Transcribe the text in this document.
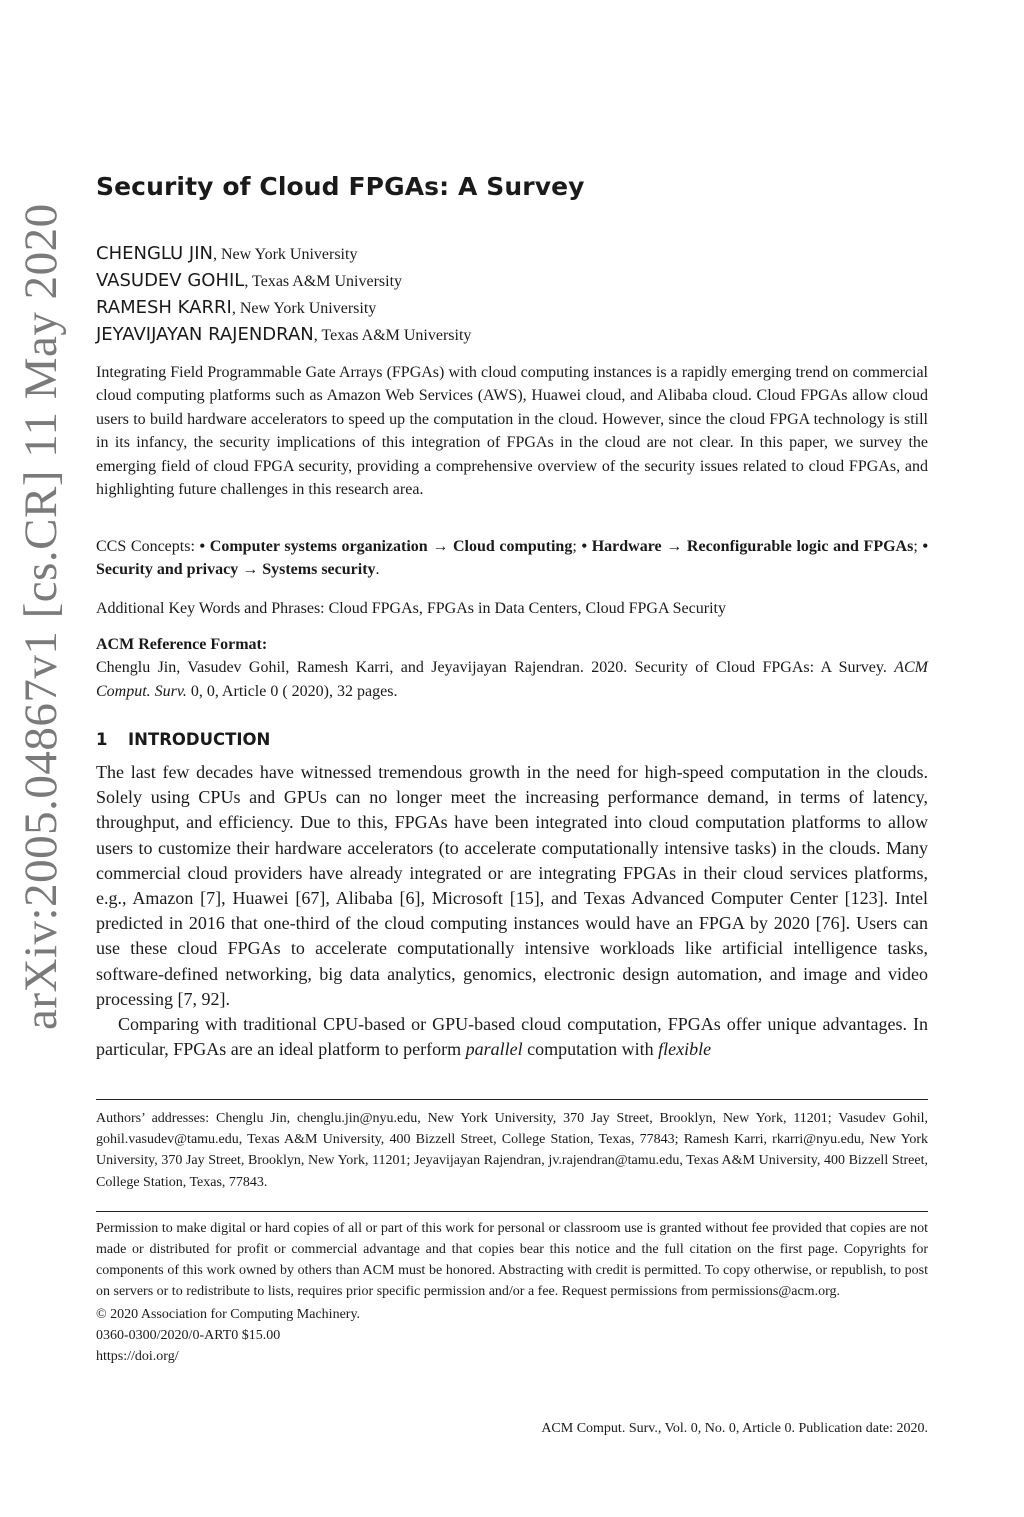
arXiv:2005.04867v1 [cs.CR] 11 May 2020
Security of Cloud FPGAs: A Survey
CHENGLU JIN, New York University
VASUDEV GOHIL, Texas A&M University
RAMESH KARRI, New York University
JEYAVIJAYAN RAJENDRAN, Texas A&M University
Integrating Field Programmable Gate Arrays (FPGAs) with cloud computing instances is a rapidly emerging trend on commercial cloud computing platforms such as Amazon Web Services (AWS), Huawei cloud, and Alibaba cloud. Cloud FPGAs allow cloud users to build hardware accelerators to speed up the computation in the cloud. However, since the cloud FPGA technology is still in its infancy, the security implications of this integration of FPGAs in the cloud are not clear. In this paper, we survey the emerging field of cloud FPGA security, providing a comprehensive overview of the security issues related to cloud FPGAs, and highlighting future challenges in this research area.
CCS Concepts: • Computer systems organization → Cloud computing; • Hardware → Reconfigurable logic and FPGAs; • Security and privacy → Systems security.
Additional Key Words and Phrases: Cloud FPGAs, FPGAs in Data Centers, Cloud FPGA Security
ACM Reference Format:
Chenglu Jin, Vasudev Gohil, Ramesh Karri, and Jeyavijayan Rajendran. 2020. Security of Cloud FPGAs: A Survey. ACM Comput. Surv. 0, 0, Article 0 ( 2020), 32 pages.
1 INTRODUCTION

The last few decades have witnessed tremendous growth in the need for high-speed computation in the clouds. Solely using CPUs and GPUs can no longer meet the increasing performance demand, in terms of latency, throughput, and efficiency. Due to this, FPGAs have been integrated into cloud computation platforms to allow users to customize their hardware accelerators (to accelerate computationally intensive tasks) in the clouds. Many commercial cloud providers have already integrated or are integrating FPGAs in their cloud services platforms, e.g., Amazon [7], Huawei [67], Alibaba [6], Microsoft [15], and Texas Advanced Computer Center [123]. Intel predicted in 2016 that one-third of the cloud computing instances would have an FPGA by 2020 [76]. Users can use these cloud FPGAs to accelerate computationally intensive workloads like artificial intelligence tasks, software-defined networking, big data analytics, genomics, electronic design automation, and image and video processing [7, 92].

Comparing with traditional CPU-based or GPU-based cloud computation, FPGAs offer unique advantages. In particular, FPGAs are an ideal platform to perform parallel computation with flexible

Authors’ addresses: Chenglu Jin, chenglu.jin@nyu.edu, New York University, 370 Jay Street, Brooklyn, New York, 11201; Vasudev Gohil, gohil.vasudev@tamu.edu, Texas A&M University, 400 Bizzell Street, College Station, Texas, 77843; Ramesh Karri, rkarri@nyu.edu, New York University, 370 Jay Street, Brooklyn, New York, 11201; Jeyavijayan Rajendran, jv.rajendran@tamu.edu, Texas A&M University, 400 Bizzell Street, College Station, Texas, 77843.
Permission to make digital or hard copies of all or part of this work for personal or classroom use is granted without fee provided that copies are not made or distributed for profit or commercial advantage and that copies bear this notice and the full citation on the first page. Copyrights for components of this work owned by others than ACM must be honored. Abstracting with credit is permitted. To copy otherwise, or republish, to post on servers or to redistribute to lists, requires prior specific permission and/or a fee. Request permissions from permissions@acm.org.
© 2020 Association for Computing Machinery.
0360-0300/2020/0-ART0 $15.00
https://doi.org/
ACM Comput. Surv., Vol. 0, No. 0, Article 0. Publication date: 2020.
